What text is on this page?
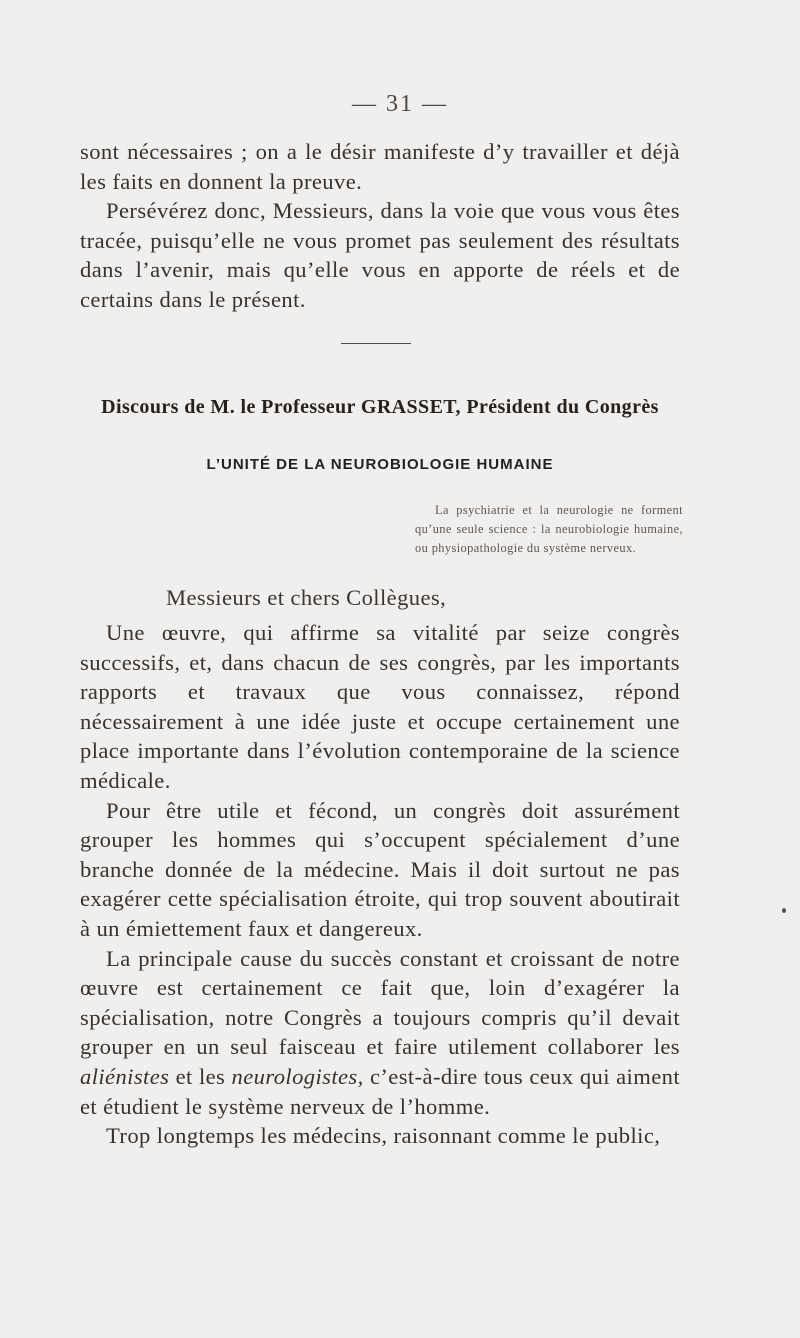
— 31 —

sont nécessaires ; on a le désir manifeste d’y travailler et déjà les faits en donnent la preuve.

Persévérez donc, Messieurs, dans la voie que vous vous êtes tracée, puisqu’elle ne vous promet pas seulement des résultats dans l’avenir, mais qu’elle vous en apporte de réels et de certains dans le présent.

Discours de M. le Professeur GRASSET, Président du Congrès
L’UNITÉ DE LA NEUROBIOLOGIE HUMAINE

La psychiatrie et la neurologie ne forment qu’une seule science : la neurobiologie humaine, ou physiopathologie du système nerveux.

Messieurs et chers Collègues,

Une œuvre, qui affirme sa vitalité par seize congrès successifs, et, dans chacun de ses congrès, par les importants rapports et travaux que vous connaissez, répond nécessairement à une idée juste et occupe certainement une place importante dans l’évolution contemporaine de la science médicale.

Pour être utile et fécond, un congrès doit assurément grouper les hommes qui s’occupent spécialement d’une branche donnée de la médecine. Mais il doit surtout ne pas exagérer cette spécialisation étroite, qui trop souvent aboutirait à un émiettement faux et dangereux.

La principale cause du succès constant et croissant de notre œuvre est certainement ce fait que, loin d’exagérer la spécialisation, notre Congrès a toujours compris qu’il devait grouper en un seul faisceau et faire utilement collaborer les aliénistes et les neurologistes, c’est-à-dire tous ceux qui aiment et étudient le système nerveux de l’homme.

Trop longtemps les médecins, raisonnant comme le public,
